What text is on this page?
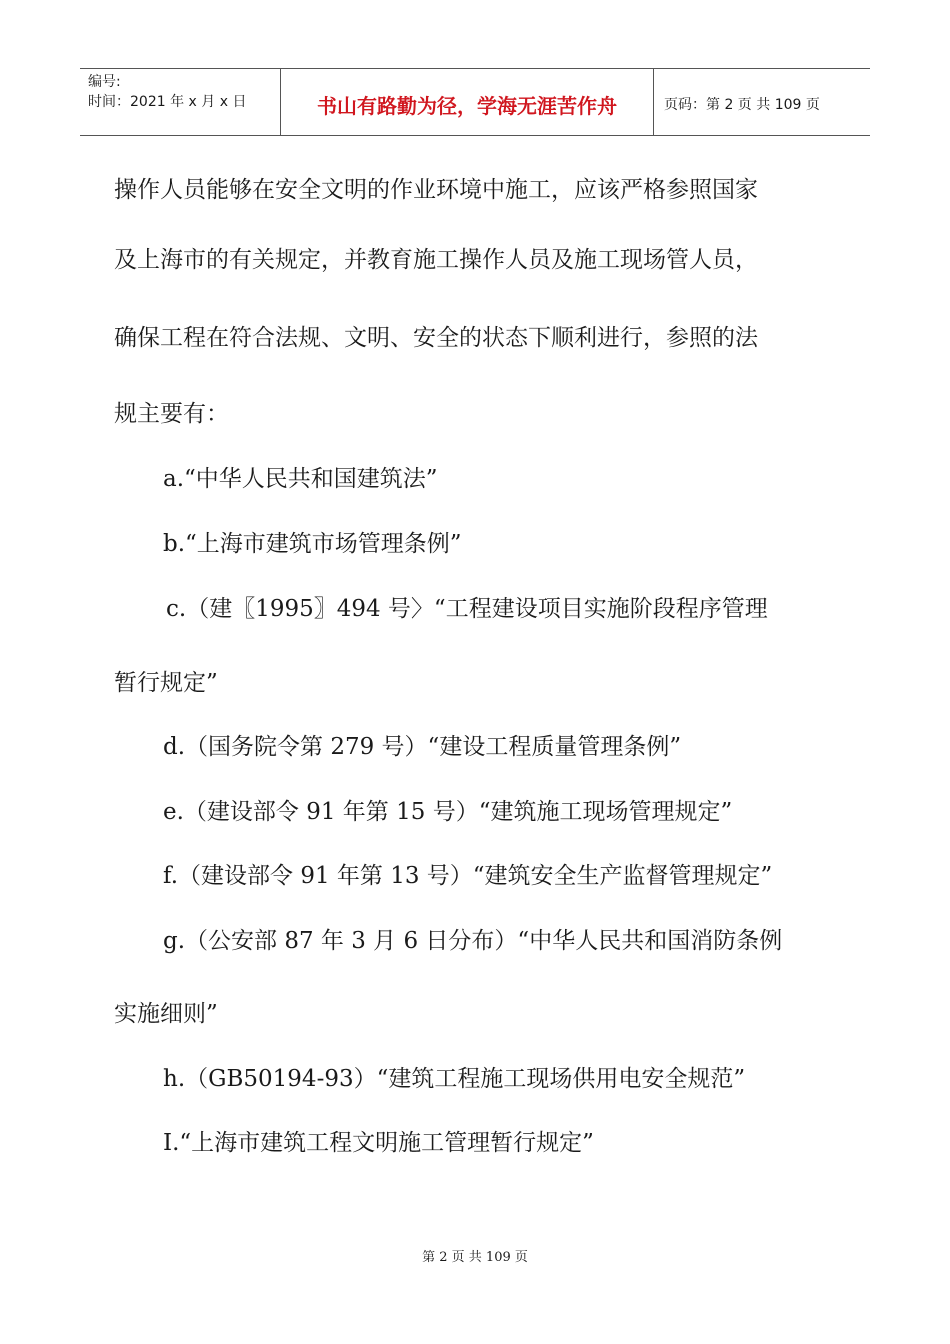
编号:
时间：2021 年 x 月 x 日	书山有路勤为径，学海无涯苦作舟	页码：第 2 页 共 109 页

操作人员能够在安全文明的作业环境中施工，应该严格参照国家

及上海市的有关规定，并教育施工操作人员及施工现场管人员，

确保工程在符合法规、文明、安全的状态下顺利进行，参照的法

规主要有：

a.“中华人民共和国建筑法”

b.“上海市建筑市场管理条例”

c.（建〖1995〗494 号〉“工程建设项目实施阶段程序管理

暂行规定”

d.（国务院令第 279 号）“建设工程质量管理条例”

e.（建设部令 91 年第 15 号）“建筑施工现场管理规定”

f.（建设部令 91 年第 13 号）“建筑安全生产监督管理规定”

g.（公安部 87 年 3 月 6 日分布）“中华人民共和国消防条例

实施细则”

h.（GB50194-93）“建筑工程施工现场供用电安全规范”

I.“上海市建筑工程文明施工管理暂行规定”

第 2 页 共 109 页
